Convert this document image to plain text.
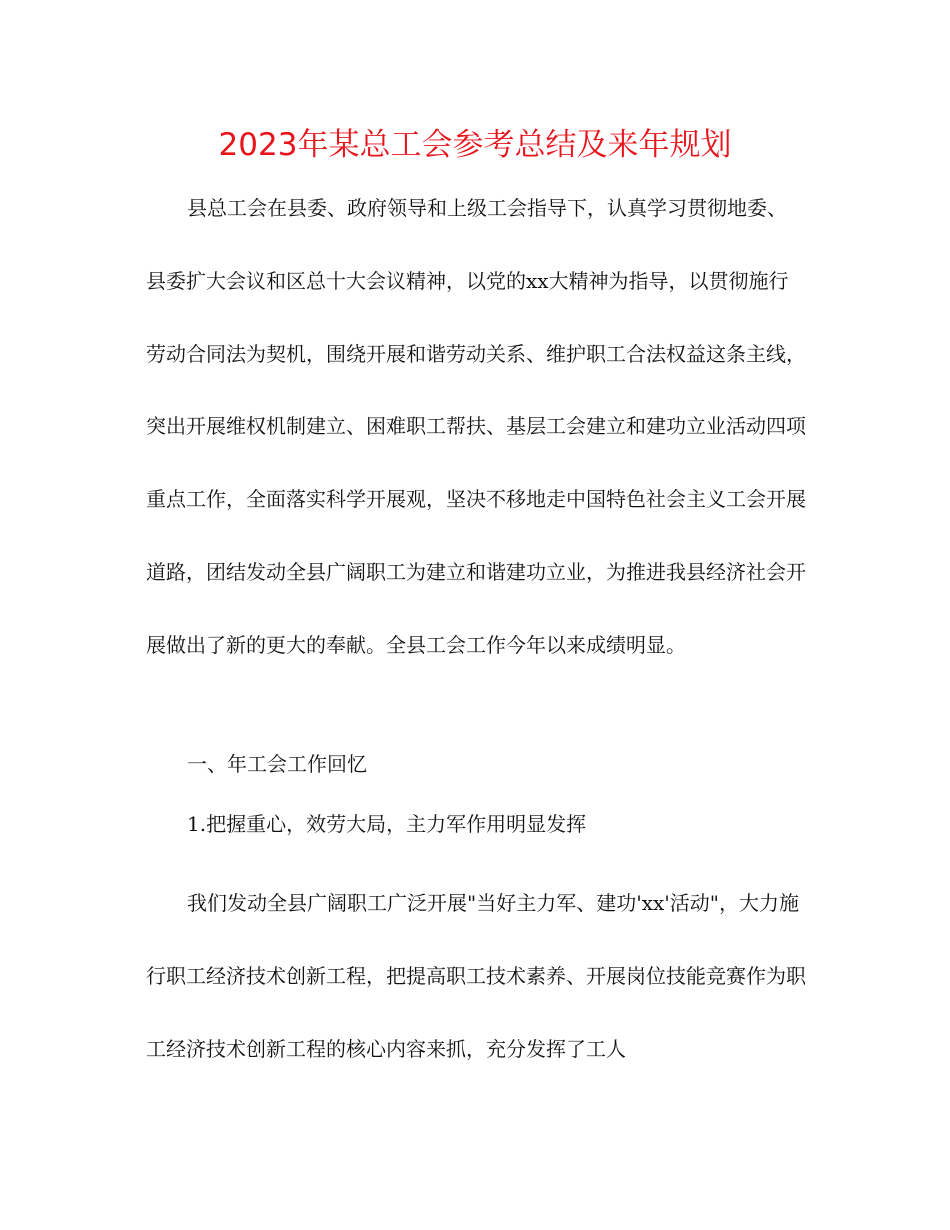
2023年某总工会参考总结及来年规划

县总工会在县委、政府领导和上级工会指导下，认真学习贯彻地委、县委扩大会议和区总十大会议精神，以党的xx大精神为指导，以贯彻施行劳动合同法为契机，围绕开展和谐劳动关系、维护职工合法权益这条主线，突出开展维权机制建立、困难职工帮扶、基层工会建立和建功立业活动四项重点工作，全面落实科学开展观，坚决不移地走中国特色社会主义工会开展道路，团结发动全县广阔职工为建立和谐建功立业，为推进我县经济社会开展做出了新的更大的奉献。全县工会工作今年以来成绩明显。

一、年工会工作回忆

1.把握重心，效劳大局，主力军作用明显发挥

我们发动全县广阔职工广泛开展"当好主力军、建功'xx'活动"，大力施行职工经济技术创新工程，把提高职工技术素养、开展岗位技能竞赛作为职工经济技术创新工程的核心内容来抓，充分发挥了工人
